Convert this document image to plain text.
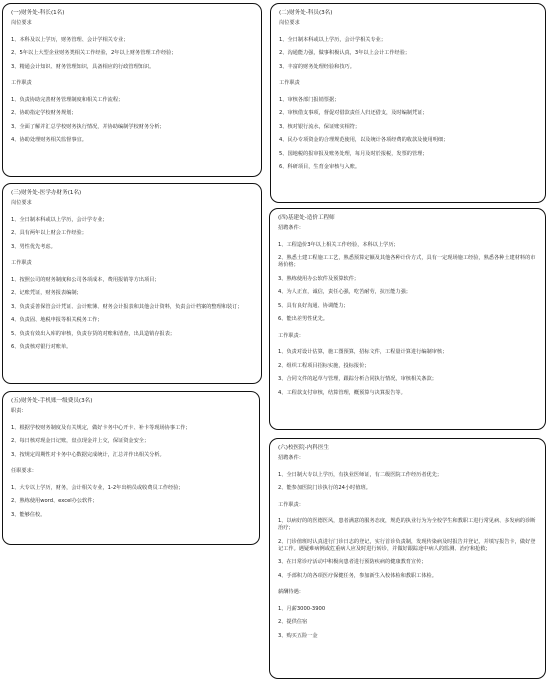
(一)财务处-科长(1名)
岗位要求
1、本科及以上学历，财务管理、会计学相关专业；
2、5年以上大型企业财务类相关工作经验，2年以上财务管理工作经验；
3、精通会计知识、财务管理知识，具备相应的行政管理知识。
工作职责
1、负责协助完善财务管理制度和相关工作流程；
2、协助指定学校财务规划；
3、全面了解并汇总学校财务执行情况，并协助编制学校财务分析；
4、协助处理财务相关监督事宜。
(二)财务处-科员(3名)
岗位要求
1、全日制本科或以上学历，会计学相关专业；
2、沟通能力强，做事积极认真，3年以上会计工作经验；
3、丰富的财务处理经验和技巧。
工作职责
1、审核各部门报销票据；
2、审核借支事项，督促对借款责任人归还借支，及时编制凭证；
3、核对银行流水，保证账实相符；
4、民办专项资金的合理规范使用，以及统计各项经费的收款及使用明细；
5、国地税的报审报及账务处理，每月及时於报税，发票的管理；
6、科研项目，生育金审核与入账。
(三)财务处-医学办财务(1名)
岗位要求
1、全日制本科或以上学历，会计学专业；
2、具有两年以上财会工作经验；
3、男性优先考虑。
工作职责
1、按照公司的财务制度和公司各项成本，费用报销等方出项目；
2、记账凭证，财务报表编制；
3、负责妥善保管会计凭证、会计账簿、财务会计报表和其他会计资料，负责会计档案的整理和装订；
4、负责固、地税申报等相关税务工作；
5、负责有效出入库的审核，负责存货的对账和清查，出具造销存报表；
6、负责核对银行对账单。
(四)基建处-造价工程师
招聘条件：
1、工程造价3年以上相关工作经验，本科以上学历；
2、熟悉土建工程施工工艺，熟悉预算定额及其他各种计价方式，具有一定现场施工经验，熟悉各种土建材料的市场价格；
3、熟练使用办公软件及预算软件；
4、为人正直，诚信，责任心强，吃苦耐劳，抗压能力强；
5、具有良好沟通、协调能力；
6、能出差男性优先。
工作职责：
1、负责对设计估算，施工图预算，招标文件，工程量计算进行编制审核；
2、组织工程项目招标实施，投标报价；
3、合同文件的起草与管理，跟踪分析合同执行情况，审核相关条款；
4、工程款支付审核，结算管理，概预算与决算报告等。
(五)财务处-手机账一级费员(3名)
职责：
1、根据学校财务制度及有关规定，做好卡务中心开卡、补卡等现场协事工作；
2、每日核对现金日记账，盘点现金并上交，保证资金安全；
3、按规定周期性对卡务中心数据完成统计，汇总并作出相关分析。
任职要求：
1、大专以上学历，财务，会计相关专业，1-2年出纳员或收费员工作经验；
2、熟练使用word、excel办公软件；
3、能够住校。
(六)校医院-内科医生
招聘条件：
1、全日制大专以上学历，有执业医师证，有二级医院工作经历者优先；
2、能参加医院门诊执行的24小时值班。
工作职责：
1、以病好的的医德医风，患者满意的服务态度，规范的执业行为为全校学生和教职工进行常见病、多发病的诊断治疗；
2、门诊值班时认真进行门诊日志的登记，实行首诊负责制，发现传染病及时报告并登记，并填写报告卡，做好登记工作。遇疑难病例或危重病人应及时进行转诊，并做好跟踪途中病人的监测、治疗和抢救；
3、在日常诊疗活动中积极向患者进行预防疾病的健康教育宣传；
4、手部积力的各项医疗保健任务，参加新生入校体检和教职工体检。
薪酬待遇：
1、月薪3000-3900
2、提供住宿
3、购买五险一金
